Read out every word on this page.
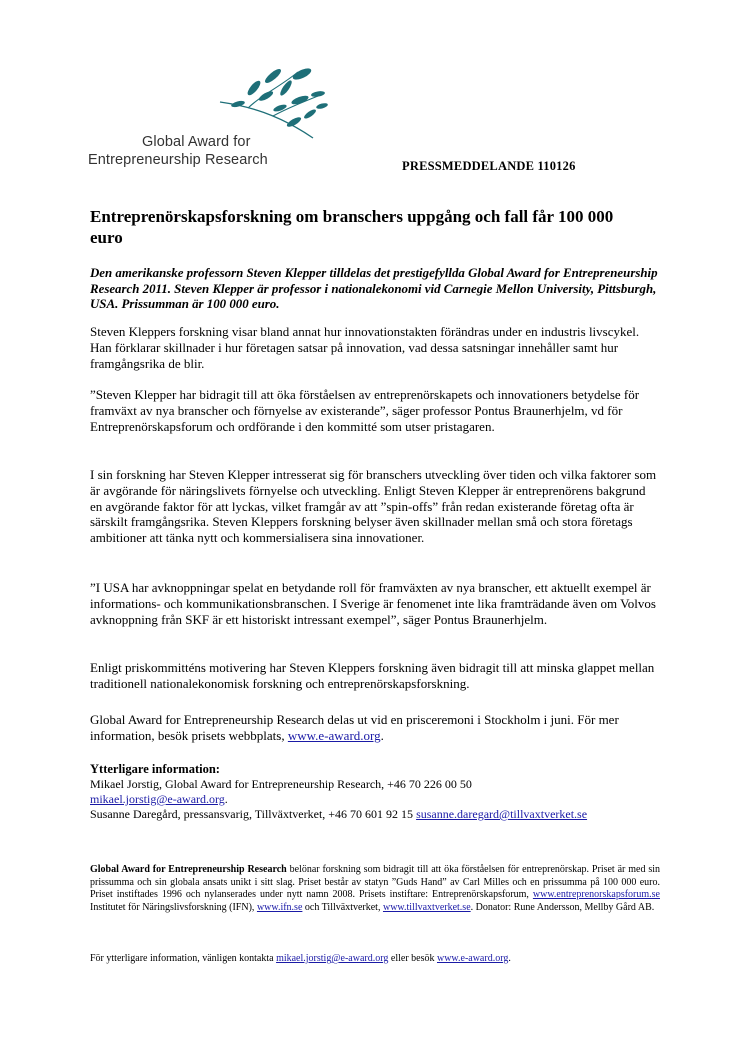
Global Award for
Entrepreneurship Research	PRESSMEDDELANDE 110126
Entreprenörskapsforskning om branschers uppgång och fall får 100 000 euro

Den amerikanske professorn Steven Klepper tilldelas det prestigefyllda Global Award for Entrepreneurship Research 2011. Steven Klepper är professor i nationalekonomi vid Carnegie Mellon University, Pittsburgh, USA. Prissumman är 100 000 euro.

Steven Kleppers forskning visar bland annat hur innovationstakten förändras under en industris livscykel. Han förklarar skillnader i hur företagen satsar på innovation, vad dessa satsningar innehåller samt hur framgångsrika de blir.

”Steven Klepper har bidragit till att öka förståelsen av entreprenörskapets och innovationers betydelse för framväxt av nya branscher och förnyelse av existerande”, säger professor Pontus Braunerhjelm, vd för Entreprenörskapsforum och ordförande i den kommitté som utser pristagaren.

I sin forskning har Steven Klepper intresserat sig för branschers utveckling över tiden och vilka faktorer som är avgörande för näringslivets förnyelse och utveckling. Enligt Steven Klepper är entreprenörens bakgrund en avgörande faktor för att lyckas, vilket framgår av att ”spin-offs” från redan existerande företag ofta är särskilt framgångsrika. Steven Kleppers forskning belyser även skillnader mellan små och stora företags ambitioner att tänka nytt och kommersialisera sina innovationer.

”I USA har avknoppningar spelat en betydande roll för framväxten av nya branscher, ett aktuellt exempel är informations- och kommunikationsbranschen. I Sverige är fenomenet inte lika framträdande även om Volvos avknoppning från SKF är ett historiskt intressant exempel”, säger Pontus Braunerhjelm.

Enligt priskommitténs motivering har Steven Kleppers forskning även bidragit till att minska glappet mellan traditionell nationalekonomisk forskning och entreprenörskapsforskning.

Global Award for Entrepreneurship Research delas ut vid en prisceremoni i Stockholm i juni. För mer information, besök prisets webbplats, www.e-award.org.

Ytterligare information:
Mikael Jorstig, Global Award for Entrepreneurship Research, +46 70 226 00 50
mikael.jorstig@e-award.org.
Susanne Daregård, pressansvarig, Tillväxtverket, +46 70 601 92 15 susanne.daregard@tillvaxtverket.se
Global Award for Entrepreneurship Research belönar forskning som bidragit till att öka förståelsen för entreprenörskap. Priset är med sin prissumma och sin globala ansats unikt i sitt slag. Priset består av statyn ”Guds Hand” av Carl Milles och en prissumma på 100 000 euro. Priset instiftades 1996 och nylanserades under nytt namn 2008. Prisets instiftare: Entreprenörskapsforum, www.entreprenorskapsforum.se Institutet för Näringslivsforskning (IFN), www.ifn.se och Tillväxtverket, www.tillvaxtverket.se. Donator: Rune Andersson, Mellby Gård AB.
För ytterligare information, vänligen kontakta mikael.jorstig@e-award.org eller besök www.e-award.org.
